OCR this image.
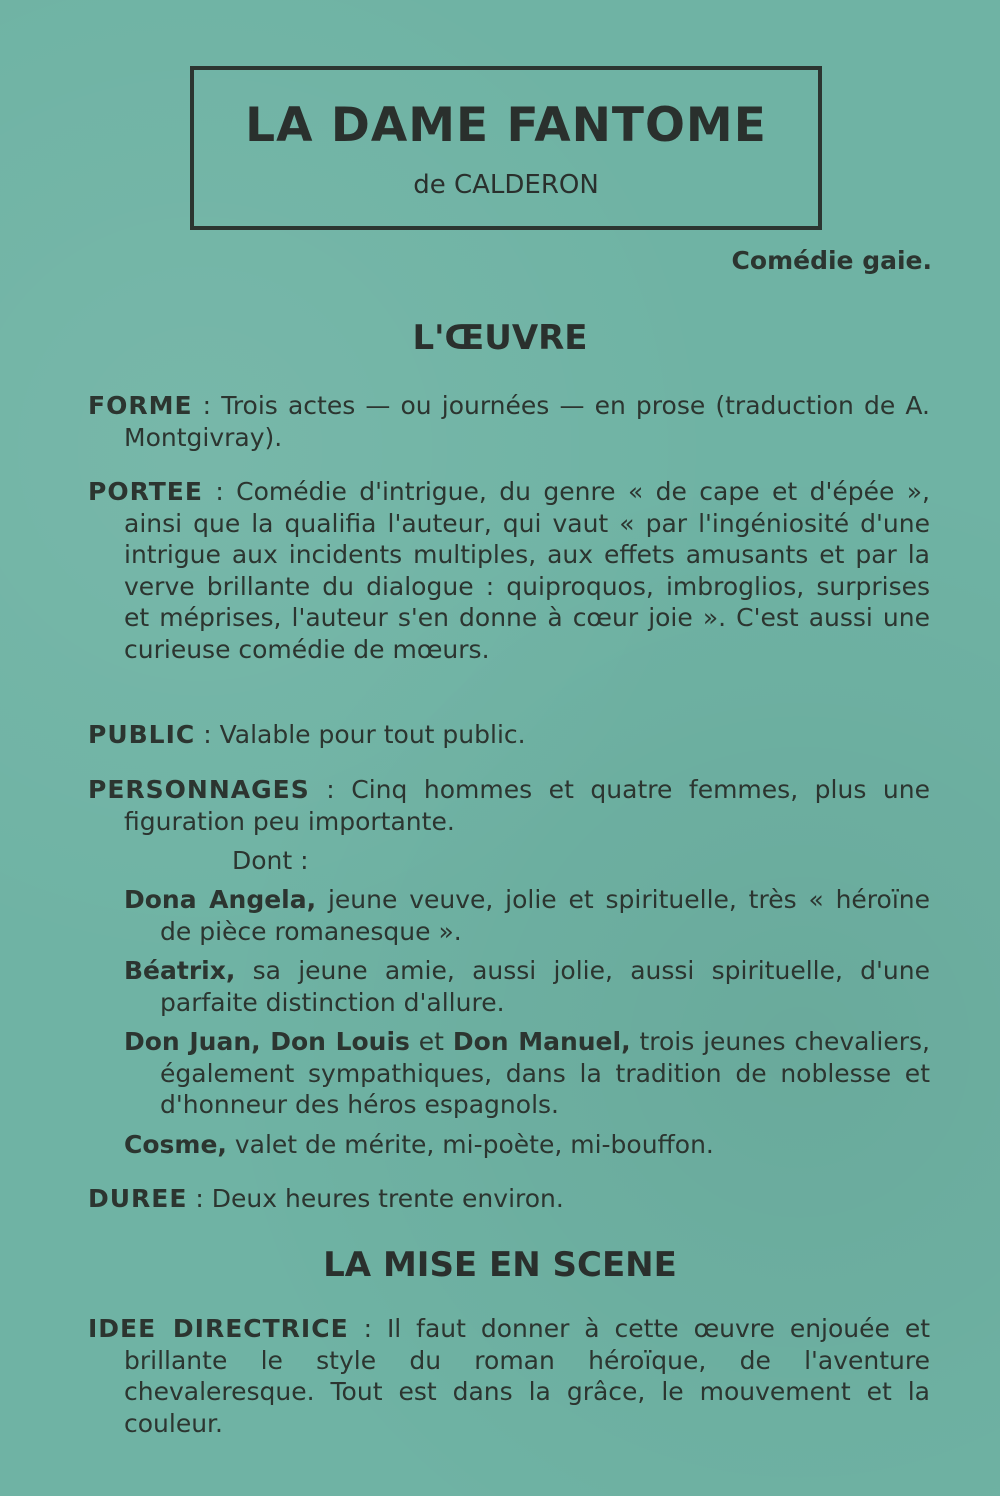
LA DAME FANTOME
de CALDERON
Comédie gaie.
L'ŒUVRE
FORME : Trois actes — ou journées — en prose (traduction de A. Montgivray).
PORTEE : Comédie d'intrigue, du genre « de cape et d'épée », ainsi que la qualifia l'auteur, qui vaut « par l'ingéniosité d'une intrigue aux incidents multiples, aux effets amusants et par la verve brillante du dialogue : quiproquos, imbroglios, surprises et méprises, l'auteur s'en donne à cœur joie ». C'est aussi une curieuse comédie de mœurs.
PUBLIC : Valable pour tout public.
PERSONNAGES : Cinq hommes et quatre femmes, plus une figuration peu importante.
Dont :
Dona Angela, jeune veuve, jolie et spirituelle, très « héroïne de pièce romanesque ».
Béatrix, sa jeune amie, aussi jolie, aussi spirituelle, d'une parfaite distinction d'allure.
Don Juan, Don Louis et Don Manuel, trois jeunes chevaliers, également sympathiques, dans la tradition de noblesse et d'honneur des héros espagnols.
Cosme, valet de mérite, mi-poète, mi-bouffon.
DUREE : Deux heures trente environ.
LA MISE EN SCENE
IDEE DIRECTRICE : Il faut donner à cette œuvre enjouée et brillante le style du roman héroïque, de l'aventure chevaleresque. Tout est dans la grâce, le mouvement et la couleur.
